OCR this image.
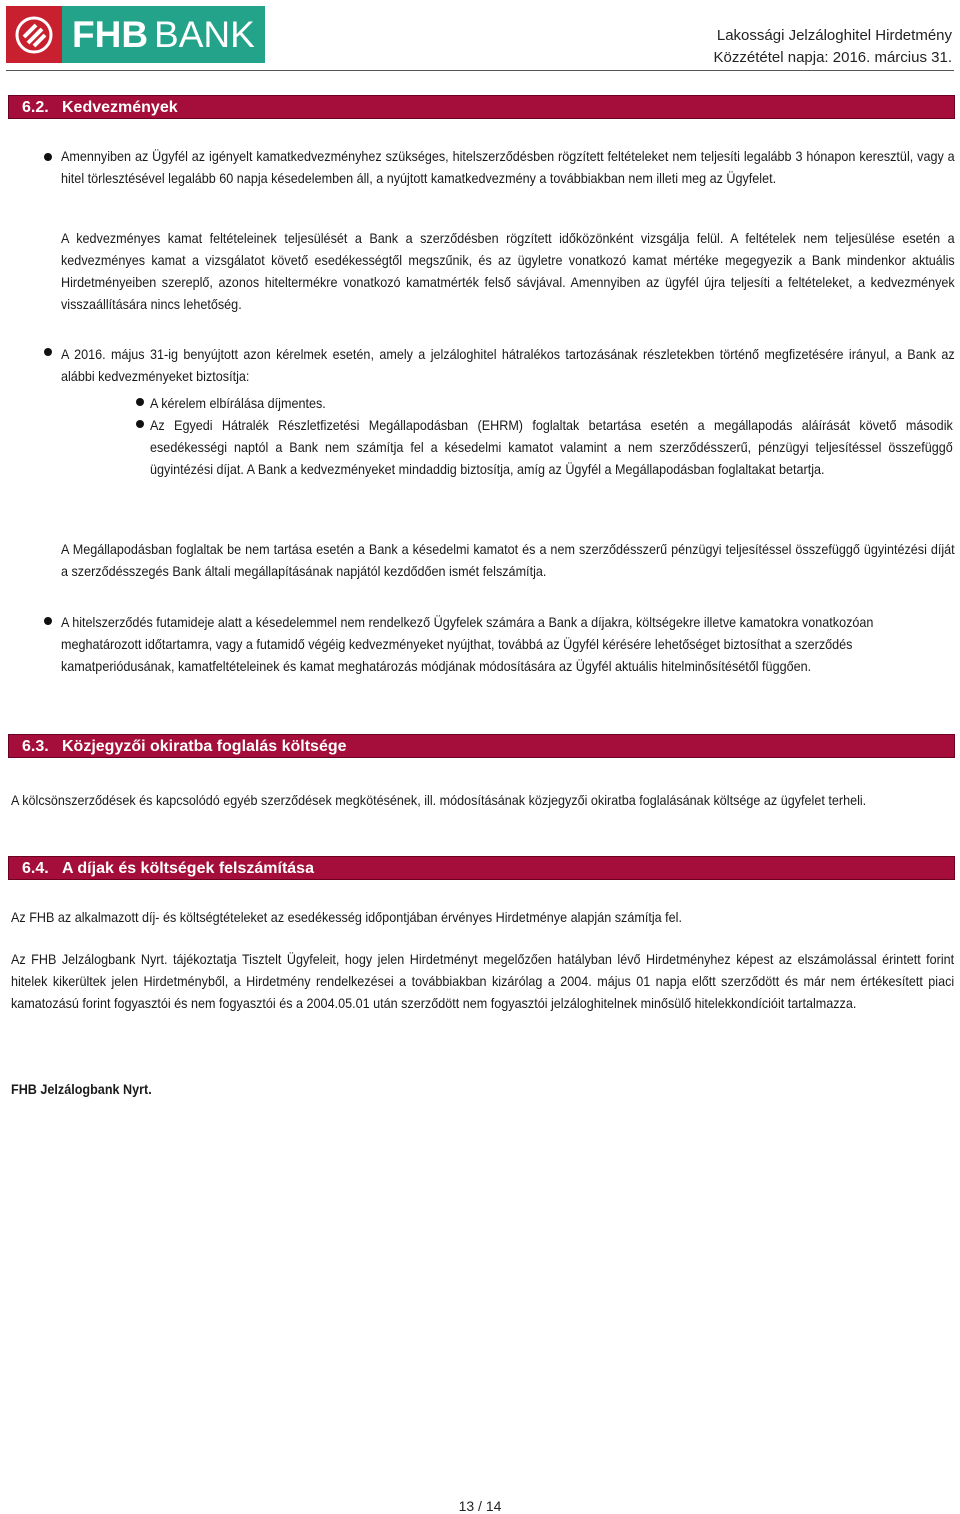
FHB BANK	Lakossági Jelzáloghitel Hirdetmény
Közzététel napja: 2016. március 31.
6.2. Kedvezmények
Amennyiben az Ügyfél az igényelt kamatkedvezményhez szükséges, hitelszerződésben rögzített feltételeket nem teljesíti legalább 3 hónapon keresztül, vagy a hitel törlesztésével legalább 60 napja késedelemben áll, a nyújtott kamatkedvezmény a továbbiakban nem illeti meg az Ügyfelet.
A kedvezményes kamat feltételeinek teljesülését a Bank a szerződésben rögzített időközönként vizsgálja felül. A feltételek nem teljesülése esetén a kedvezményes kamat a vizsgálatot követő esedékességtől megszűnik, és az ügyletre vonatkozó kamat mértéke megegyezik a Bank mindenkor aktuális Hirdetményeiben szereplő, azonos hiteltermékre vonatkozó kamatmérték felső sávjával. Amennyiben az ügyfél újra teljesíti a feltételeket, a kedvezmények visszaállítására nincs lehetőség.
A 2016. május 31-ig benyújtott azon kérelmek esetén, amely a jelzáloghitel hátralékos tartozásának részletekben történő megfizetésére irányul, a Bank az alábbi kedvezményeket biztosítja:
A kérelem elbírálása díjmentes.
Az Egyedi Hátralék Részletfizetési Megállapodásban (EHRM) foglaltak betartása esetén a megállapodás aláírását követő második esedékességi naptól a Bank nem számítja fel a késedelmi kamatot valamint a nem szerződésszerű, pénzügyi teljesítéssel összefüggő ügyintézési díjat. A Bank a kedvezményeket mindaddig biztosítja, amíg az Ügyfél a Megállapodásban foglaltakat betartja.
A Megállapodásban foglaltak be nem tartása esetén a Bank a késedelmi kamatot és a nem szerződésszerű pénzügyi teljesítéssel összefüggő ügyintézési díját a szerződésszegés Bank általi megállapításának napjától kezdődően ismét felszámítja.
A hitelszerződés futamideje alatt a késedelemmel nem rendelkező Ügyfelek számára a Bank a díjakra, költségekre illetve kamatokra vonatkozóan meghatározott időtartamra, vagy a futamidő végéig kedvezményeket nyújthat, továbbá az Ügyfél kérésére lehetőséget biztosíthat a szerződés kamatperiódusának, kamatfeltételeinek és kamat meghatározás módjának módosítására az Ügyfél aktuális hitelminősítésétől függően.
6.3. Közjegyzői okiratba foglalás költsége
A kölcsönszerződések és kapcsolódó egyéb szerződések megkötésének, ill. módosításának közjegyzői okiratba foglalásának költsége az ügyfelet terheli.
6.4. A díjak és költségek felszámítása
Az FHB az alkalmazott díj- és költségtételeket az esedékesség időpontjában érvényes Hirdetménye alapján számítja fel.
Az FHB Jelzálogbank Nyrt. tájékoztatja Tisztelt Ügyfeleit, hogy jelen Hirdetményt megelőzően hatályban lévő Hirdetményhez képest az elszámolással érintett forint hitelek kikerültek jelen Hirdetményből, a Hirdetmény rendelkezései a továbbiakban kizárólag a 2004. május 01 napja előtt szerződött és már nem értékesített piaci kamatozású forint fogyasztói és nem fogyasztói és a 2004.05.01 után szerződött nem fogyasztói jelzáloghitelnek minősülő hitelekkondícióit tartalmazza.
FHB Jelzálogbank Nyrt.
13 / 14
